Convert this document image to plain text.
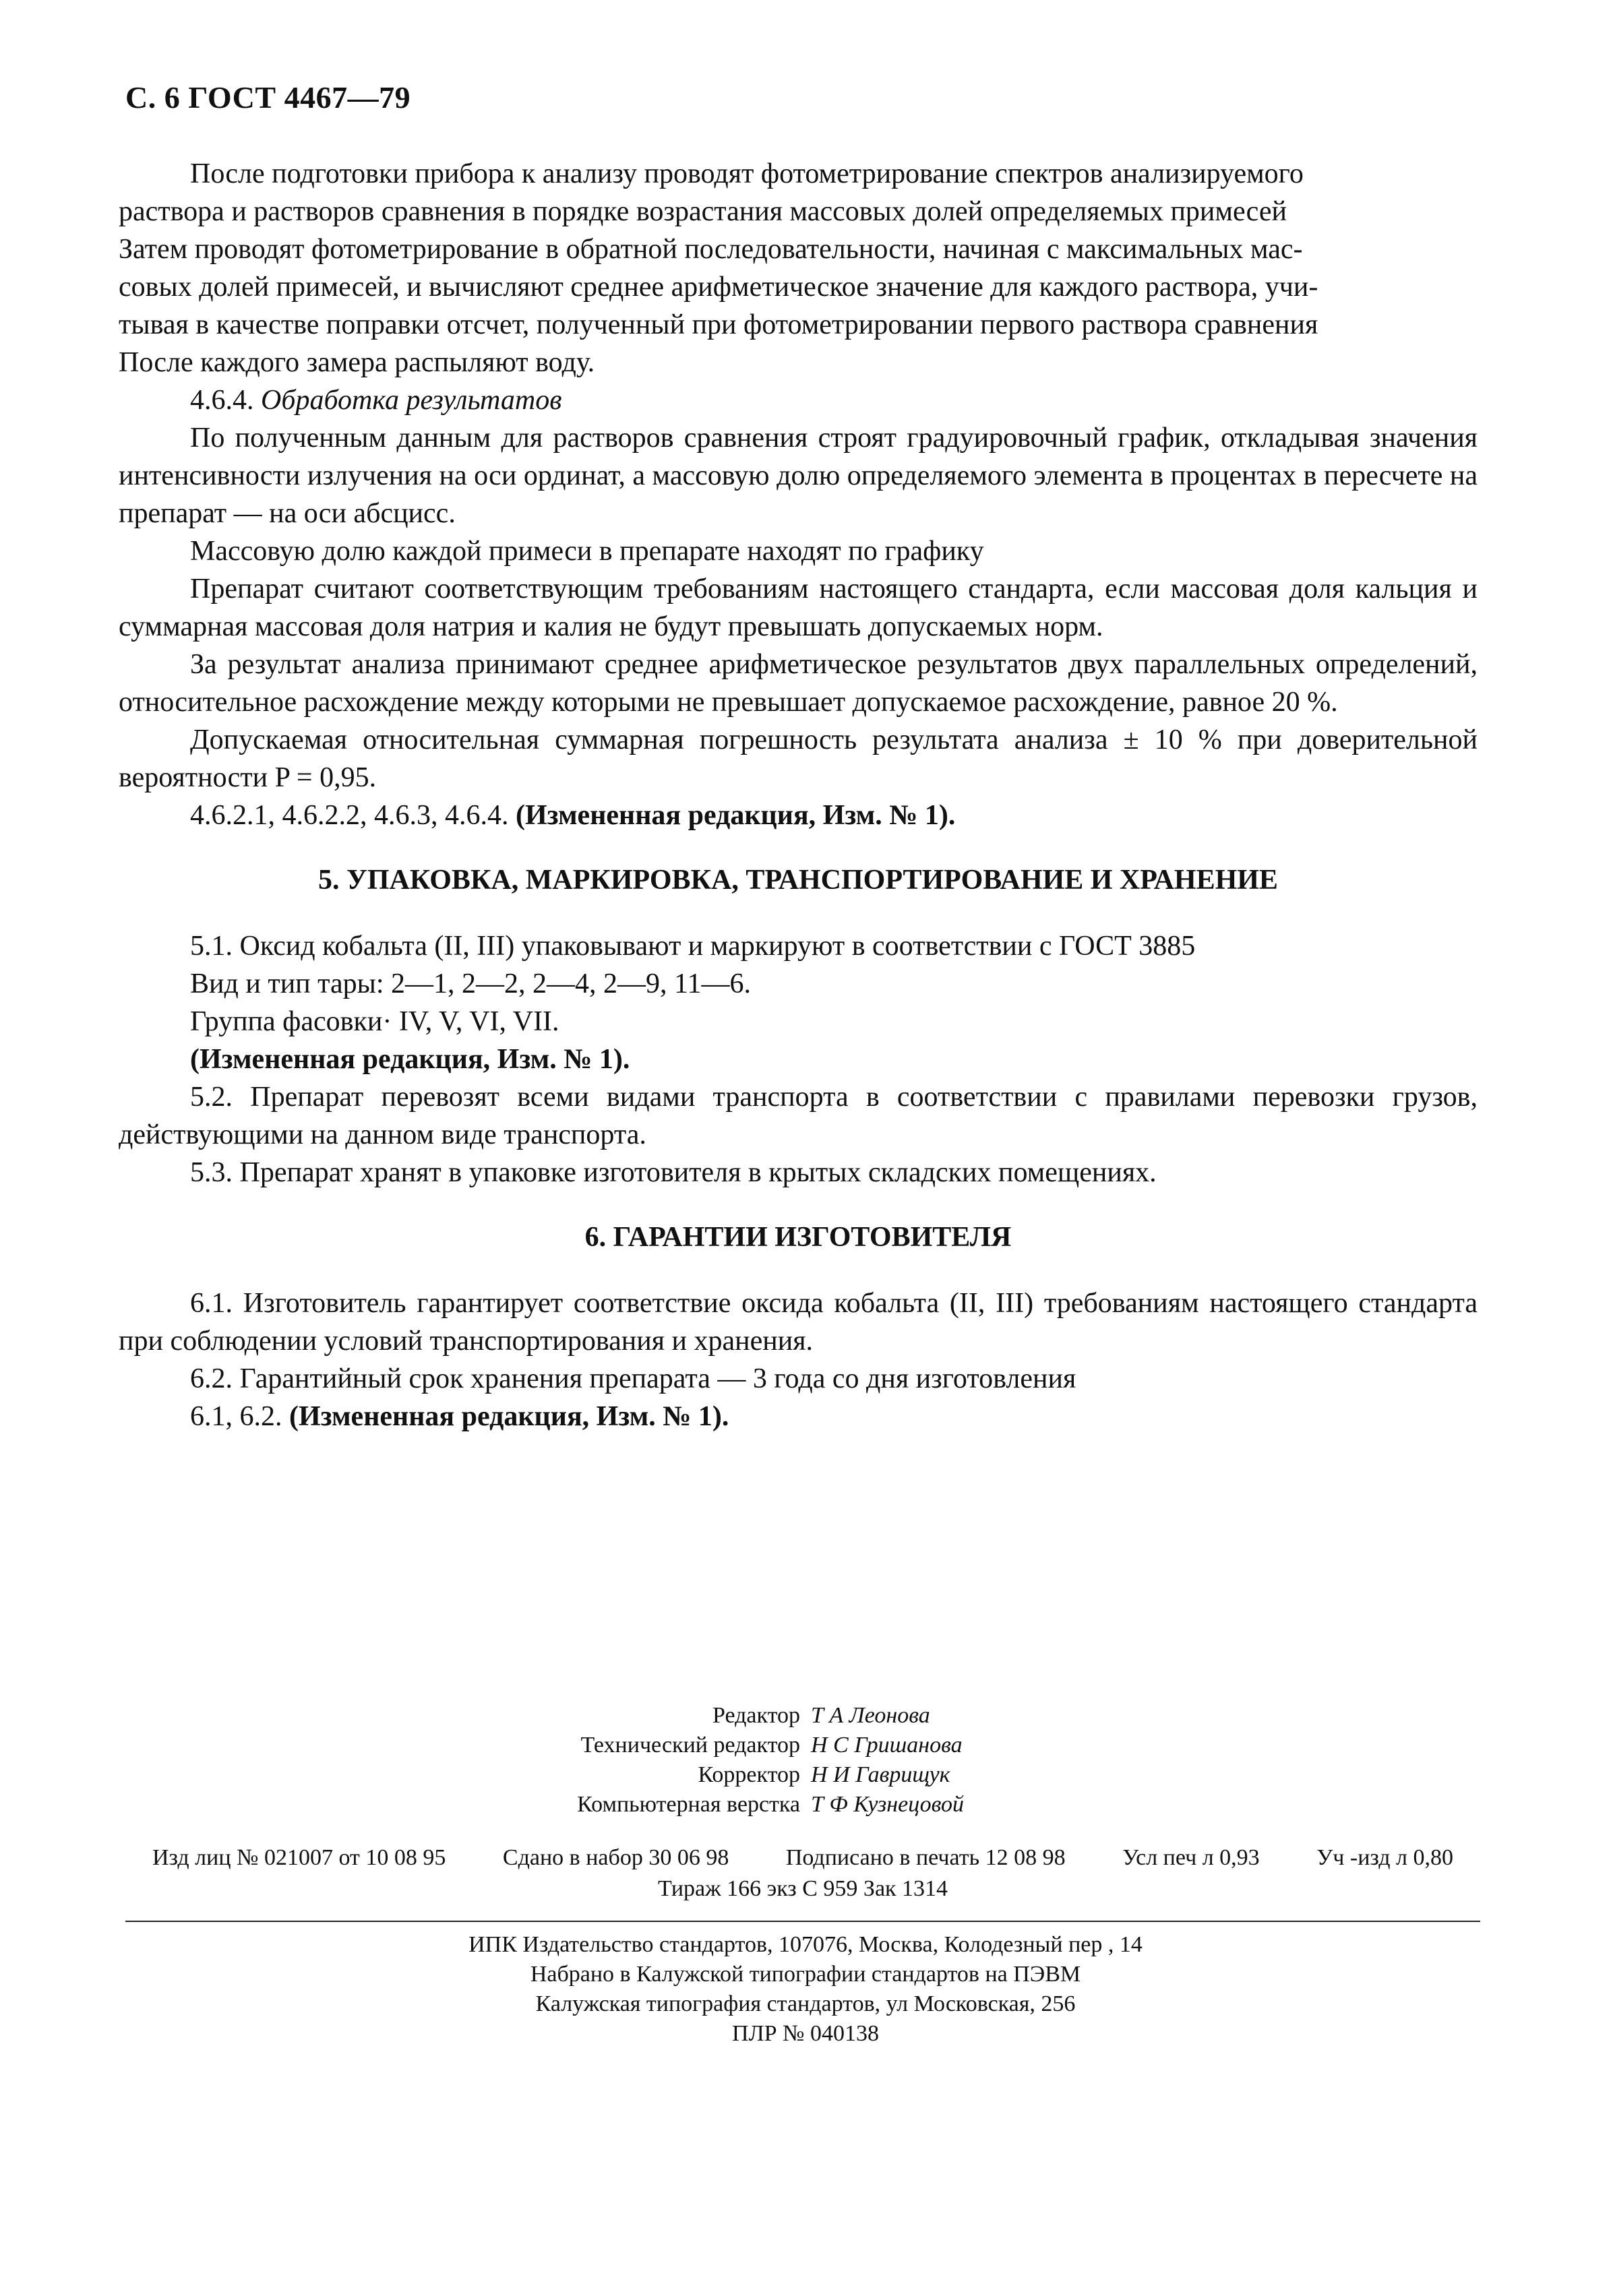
С. 6 ГОСТ 4467—79

После подготовки прибора к анализу проводят фотометрирование спектров анализируемого
раствора и растворов сравнения в порядке возрастания массовых долей определяемых примесей
Затем проводят фотометрирование в обратной последовательности, начиная с максимальных мас-
совых долей примесей, и вычисляют среднее арифметическое значение для каждого раствора, учи-
тывая в качестве поправки отсчет, полученный при фотометрировании первого раствора сравнения
После каждого замера распыляют воду.

4.6.4. Обработка результатов

По полученным данным для растворов сравнения строят градуировочный график, откладывая значения интенсивности излучения на оси ординат, а массовую долю определяемого элемента в процентах в пересчете на препарат — на оси абсцисс.

Массовую долю каждой примеси в препарате находят по графику

Препарат считают соответствующим требованиям настоящего стандарта, если массовая доля кальция и суммарная массовая доля натрия и калия не будут превышать допускаемых норм.

За результат анализа принимают среднее арифметическое результатов двух параллельных определений, относительное расхождение между которыми не превышает допускаемое расхождение, равное 20 %.

Допускаемая относительная суммарная погрешность результата анализа ± 10 % при доверительной вероятности P = 0,95.

4.6.2.1, 4.6.2.2, 4.6.3, 4.6.4. (Измененная редакция, Изм. № 1).

5. УПАКОВКА, МАРКИРОВКА, ТРАНСПОРТИРОВАНИЕ И ХРАНЕНИЕ

5.1. Оксид кобальта (II, III) упаковывают и маркируют в соответствии с ГОСТ 3885

Вид и тип тары: 2—1, 2—2, 2—4, 2—9, 11—6.

Группа фасовки· IV, V, VI, VII.

(Измененная редакция, Изм. № 1).

5.2. Препарат перевозят всеми видами транспорта в соответствии с правилами перевозки грузов, действующими на данном виде транспорта.

5.3. Препарат хранят в упаковке изготовителя в крытых складских помещениях.

6. ГАРАНТИИ ИЗГОТОВИТЕЛЯ

6.1. Изготовитель гарантирует соответствие оксида кобальта (II, III) требованиям настоящего стандарта при соблюдении условий транспортирования и хранения.

6.2. Гарантийный срок хранения препарата — 3 года со дня изготовления

6.1, 6.2. (Измененная редакция, Изм. № 1).

Редактор Т А Леонова
Технический редактор Н С Гришанова
Корректор Н И Гаврищук
Компьютерная верстка Т Ф Кузнецовой
Изд лиц № 021007 от 10 08 95 Сдано в набор 30 06 98 Подписано в печать 12 08 98 Усл печ л 0,93 Уч -изд л 0,80
Тираж 166 экз С 959 Зак 1314
ИПК Издательство стандартов, 107076, Москва, Колодезный пер , 14
Набрано в Калужской типографии стандартов на ПЭВМ
Калужская типография стандартов, ул Московская, 256
ПЛР № 040138
